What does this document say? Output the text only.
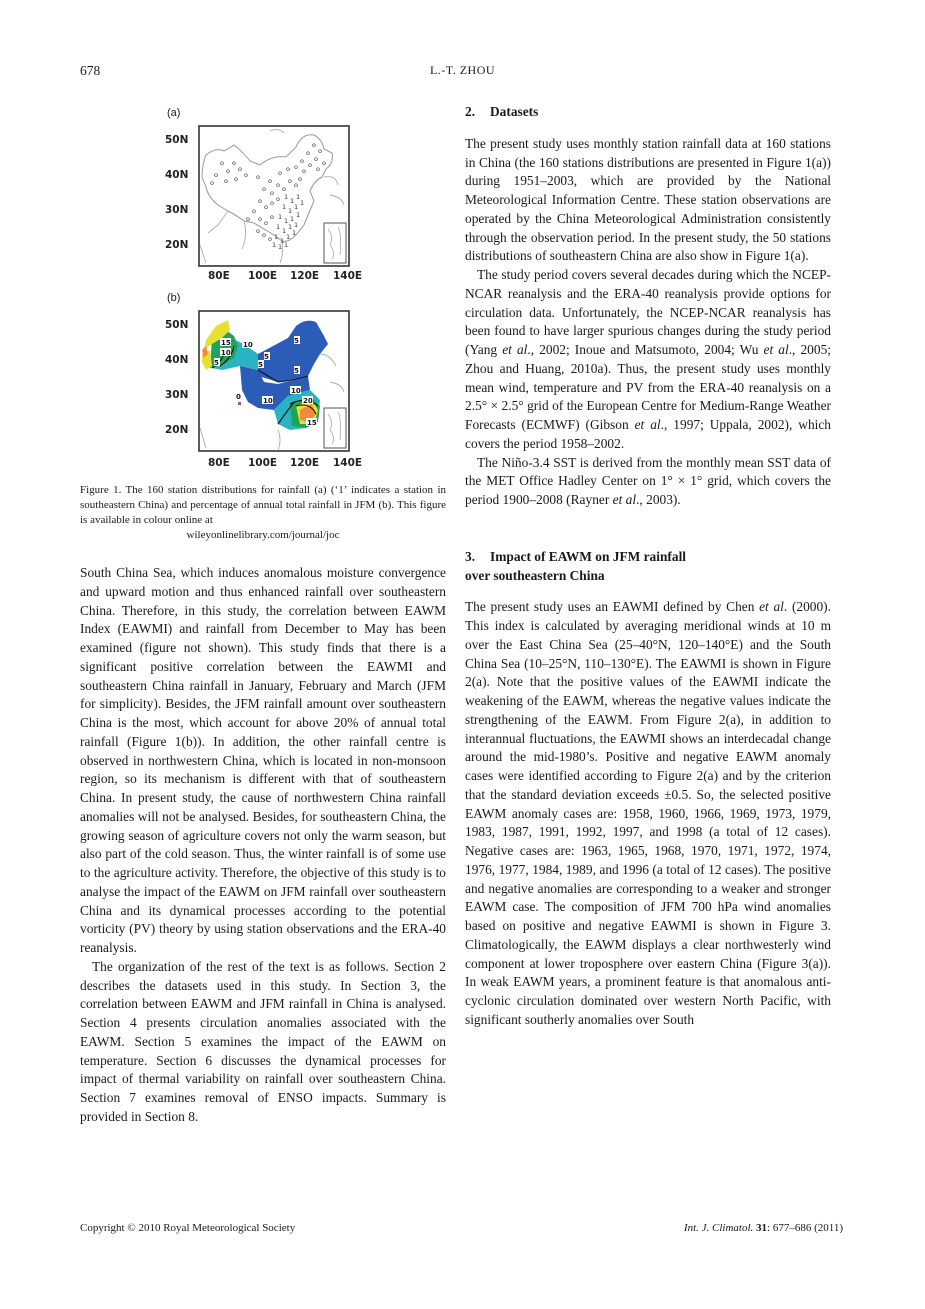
678	L.-T. ZHOU
(a)
50N
40N
30N
20N
o
o
o
o
o
o
o o o	o o
o o o o
o
o
o
o
o
o	o
o
o o
o o
o o
o
o
o o o
o
o o
o
o o o
o
1 1 1
1 1 1 1
1 1 1 1
1 1 1 1
1 1 1 1
1 1
1
80E 100E 120E 140E
(b)
50N
40N
30N
20N
15
10
5
10	5
5
5
5
10
20
15
10
0
80E 100E 120E 140E
Figure 1. The 160 station distributions for rainfall (a) (‘1’ indicates a station in southeastern China) and percentage of annual total rainfall in JFM (b). This figure is available in colour online at
wileyonlinelibrary.com/journal/joc

South China Sea, which induces anomalous moisture convergence and upward motion and thus enhanced rainfall over southeastern China. Therefore, in this study, the correlation between EAWM Index (EAWMI) and rainfall from December to May has been examined (figure not shown). This study finds that there is a significant positive correlation between the EAWMI and southeastern China rainfall in January, February and March (JFM for simplicity). Besides, the JFM rainfall amount over southeastern China is the most, which account for above 20% of annual total rainfall (Figure 1(b)). In addition, the other rainfall centre is observed in northwestern China, which is located in non-monsoon region, so its mechanism is different with that of southeastern China. In present study, the cause of northwestern China rainfall anomalies will not be analysed. Besides, for southeastern China, the growing season of agriculture covers not only the warm season, but also part of the cold season. Thus, the winter rainfall is of some use to the agriculture activity. Therefore, the objective of this study is to analyse the impact of the EAWM on JFM rainfall over southeastern China and its dynamical processes according to the potential vorticity (PV) theory by using station observations and the ERA-40 reanalysis.

The organization of the rest of the text is as follows. Section 2 describes the datasets used in this study. In Section 3, the correlation between EAWM and JFM rainfall in China is analysed. Section 4 presents circulation anomalies associated with the EAWM. Section 5 examines the impact of the EAWM on temperature. Section 6 discusses the dynamical processes for impact of thermal variability on rainfall over southeastern China. Section 7 examines removal of ENSO impacts. Summary is provided in Section 8.

2. Datasets

The present study uses monthly station rainfall data at 160 stations in China (the 160 stations distributions are presented in Figure 1(a)) during 1951–2003, which are provided by the National Meteorological Information Centre. These station observations are operated by the China Meteorological Administration consistently through the observation period. In the present study, the 50 stations distributions of southeastern China are also show in Figure 1(a).

The study period covers several decades during which the NCEP-NCAR reanalysis and the ERA-40 reanalysis provide options for circulation data. Unfortunately, the NCEP-NCAR reanalysis has been found to have larger spurious changes during the study period (Yang et al., 2002; Inoue and Matsumoto, 2004; Wu et al., 2005; Zhou and Huang, 2010a). Thus, the present study uses monthly mean wind, temperature and PV from the ERA-40 reanalysis on a 2.5° × 2.5° grid of the European Centre for Medium-Range Weather Forecasts (ECMWF) (Gibson et al., 1997; Uppala, 2002), which covers the period 1958–2002.

The Niño-3.4 SST is derived from the monthly mean SST data of the MET Office Hadley Center on 1° × 1° grid, which covers the period 1900–2008 (Rayner et al., 2003).

3. Impact of EAWM on JFM rainfall
over southeastern China

The present study uses an EAWMI defined by Chen et al. (2000). This index is calculated by averaging meridional winds at 10 m over the East China Sea (25–40°N, 120–140°E) and the South China Sea (10–25°N, 110–130°E). The EAWMI is shown in Figure 2(a). Note that the positive values of the EAWMI indicate the weakening of the EAWM, whereas the negative values indicate the strengthening of the EAWM. From Figure 2(a), in addition to interannual fluctuations, the EAWMI shows an interdecadal change around the mid-1980’s. Positive and negative EAWM anomaly cases were identified according to Figure 2(a) and by the criterion that the standard deviation exceeds ±0.5. So, the selected positive EAWM anomaly cases are: 1958, 1960, 1966, 1969, 1973, 1979, 1983, 1987, 1991, 1992, 1997, and 1998 (a total of 12 cases). Negative cases are: 1963, 1965, 1968, 1970, 1971, 1972, 1974, 1976, 1977, 1984, 1989, and 1996 (a total of 12 cases). The positive and negative anomalies are corresponding to a weaker and stronger EAWM case. The composition of JFM 700 hPa wind anomalies based on positive and negative EAWMI is shown in Figure 3. Climatologically, the EAWM displays a clear northwesterly wind component at lower troposphere over eastern China (Figure 3(a)). In weak EAWM years, a prominent feature is that anomalous anti-cyclonic circulation dominated over western North Pacific, with significant southerly anomalies over South

Copyright © 2010 Royal Meteorological Society	Int. J. Climatol. 31: 677–686 (2011)
